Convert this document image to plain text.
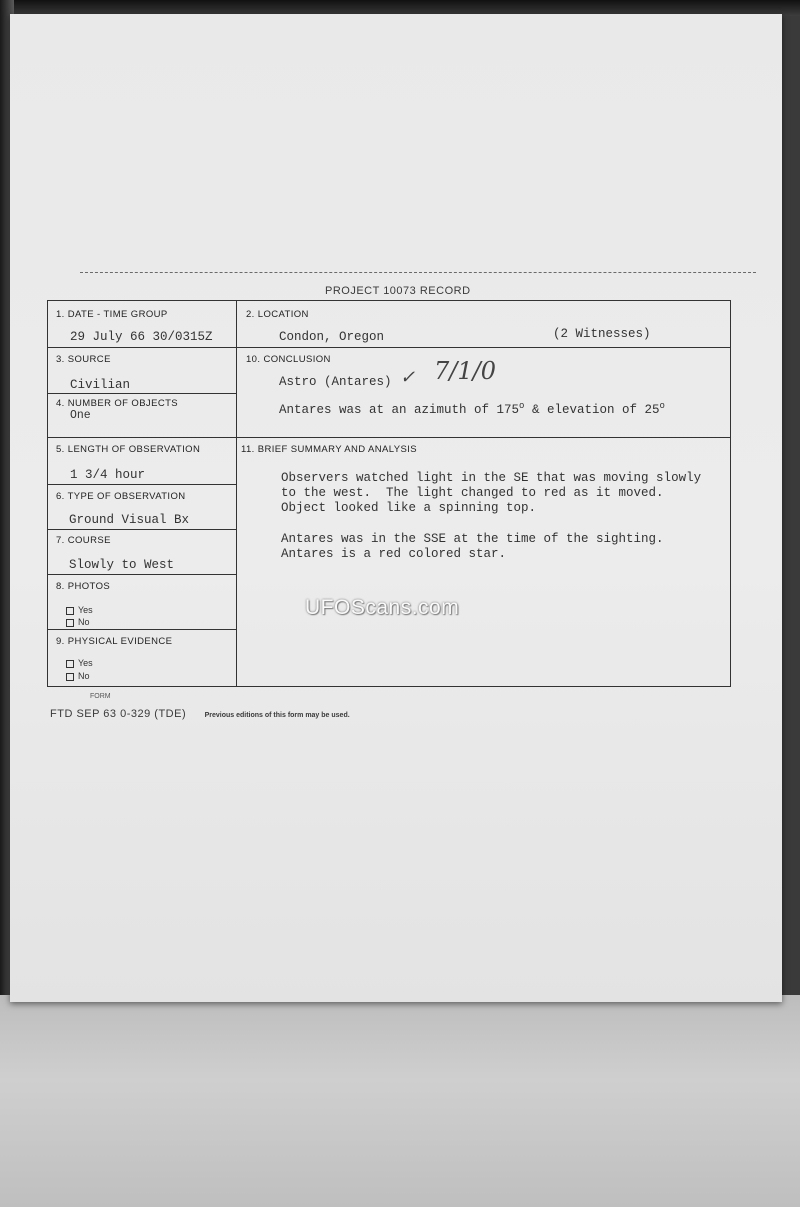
PROJECT 10073 RECORD
1. DATE - TIME GROUP
29 July 66 30/0315Z
2. LOCATION
Condon, Oregon	(2 Witnesses)
3. SOURCE
Civilian
4. NUMBER OF OBJECTS
One
10. CONCLUSION
Astro (Antares) ✓ 7/1/0
Antares was at an azimuth of 175$^o$ & elevation of 25$^o$
5. LENGTH OF OBSERVATION
1 3/4 hour
11. BRIEF SUMMARY AND ANALYSIS
Observers watched light in the SE that was moving slowly
to the west.  The light changed to red as it moved.
Object looked like a spinning top.
Antares was in the SSE at the time of the sighting.
Antares is a red colored star.
6. TYPE OF OBSERVATION
Ground Visual Bx
7. COURSE
Slowly to West
8. PHOTOS
Yes
No
9. PHYSICAL EVIDENCE
Yes
No
FORM
FTD SEP 63 0-329 (TDE)	Previous editions of this form may be used.
UFOScans.com
